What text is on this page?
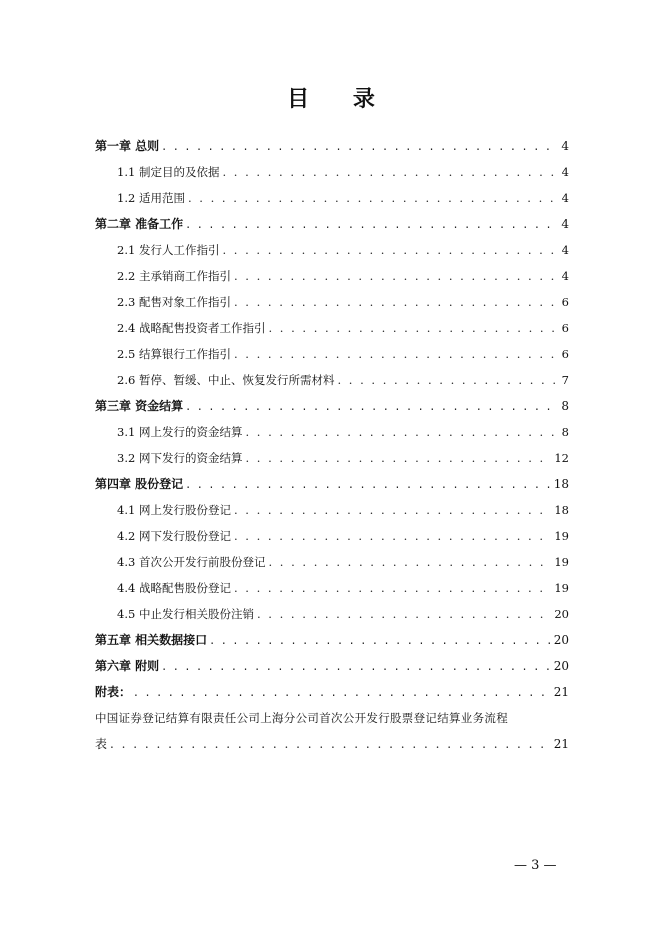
目 录
第一章 总则 . . .	4
1.1 制定目的及依据 . . .	4
1.2 适用范围 . . .	4
第二章 准备工作 . . .	4
2.1 发行人工作指引 . . .	4
2.2 主承销商工作指引 . . .	4
2.3 配售对象工作指引 . . .	6
2.4 战略配售投资者工作指引 . . .	6
2.5 结算银行工作指引 . . .	6
2.6 暂停、暂缓、中止、恢复发行所需材料 . . .	7
第三章 资金结算 . . .	8
3.1 网上发行的资金结算 . . .	8
3.2 网下发行的资金结算 . . .	12
第四章 股份登记 . . .	18
4.1 网上发行股份登记 . . .	18
4.2 网下发行股份登记 . . .	19
4.3 首次公开发行前股份登记 . . .	19
4.4 战略配售股份登记 . . .	19
4.5 中止发行相关股份注销 . . .	20
第五章 相关数据接口 . . .	20
第六章 附则 . . .	20
附表： . . .	21
中国证券登记结算有限责任公司上海分公司首次公开发行股票登记结算业务流程
表 . . .	21
— 3 —
